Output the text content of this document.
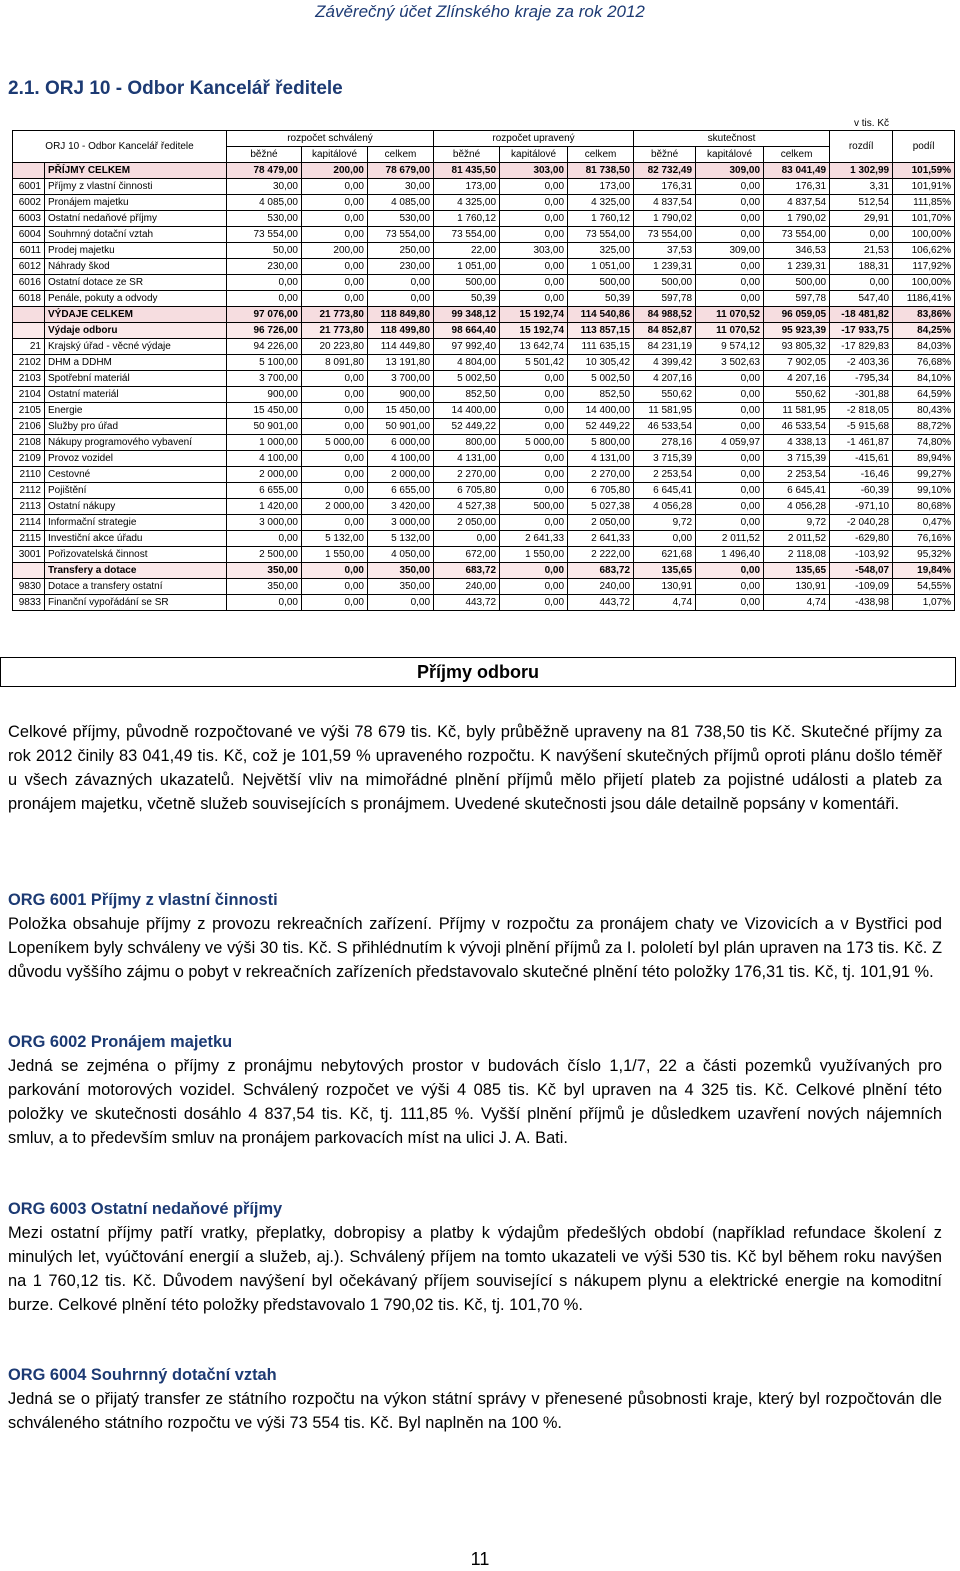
Závěrečný účet Zlínského kraje za rok 2012
2.1. ORJ 10 - Odbor Kancelář ředitele
v tis. Kč
ORJ 10 - Odbor Kancelář ředitele		rozpočet schválený			rozpočet upravený			skutečnost			rozdíl	podíl
		běžné	kapitálové	celkem	běžné	kapitálové	celkem	běžné	kapitálové	celkem		
	PŘÍJMY CELKEM	78 479,00	200,00	78 679,00	81 435,50	303,00	81 738,50	82 732,49	309,00	83 041,49	1 302,99	101,59%
6001	Příjmy z vlastní činnosti	30,00	0,00	30,00	173,00	0,00	173,00	176,31	0,00	176,31	3,31	101,91%
6002	Pronájem majetku	4 085,00	0,00	4 085,00	4 325,00	0,00	4 325,00	4 837,54	0,00	4 837,54	512,54	111,85%
6003	Ostatní nedaňové příjmy	530,00	0,00	530,00	1 760,12	0,00	1 760,12	1 790,02	0,00	1 790,02	29,91	101,70%
6004	Souhrnný dotační vztah	73 554,00	0,00	73 554,00	73 554,00	0,00	73 554,00	73 554,00	0,00	73 554,00	0,00	100,00%
6011	Prodej majetku	50,00	200,00	250,00	22,00	303,00	325,00	37,53	309,00	346,53	21,53	106,62%
6012	Náhrady škod	230,00	0,00	230,00	1 051,00	0,00	1 051,00	1 239,31	0,00	1 239,31	188,31	117,92%
6016	Ostatní dotace ze SR	0,00	0,00	0,00	500,00	0,00	500,00	500,00	0,00	500,00	0,00	100,00%
6018	Penále, pokuty a odvody	0,00	0,00	0,00	50,39	0,00	50,39	597,78	0,00	597,78	547,40	1186,41%
	VÝDAJE CELKEM	97 076,00	21 773,80	118 849,80	99 348,12	15 192,74	114 540,86	84 988,52	11 070,52	96 059,05	-18 481,82	83,86%
	Výdaje odboru	96 726,00	21 773,80	118 499,80	98 664,40	15 192,74	113 857,15	84 852,87	11 070,52	95 923,39	-17 933,75	84,25%
21	Krajský úřad - věcné výdaje	94 226,00	20 223,80	114 449,80	97 992,40	13 642,74	111 635,15	84 231,19	9 574,12	93 805,32	-17 829,83	84,03%
2102	DHM a DDHM	5 100,00	8 091,80	13 191,80	4 804,00	5 501,42	10 305,42	4 399,42	3 502,63	7 902,05	-2 403,36	76,68%
2103	Spotřební materiál	3 700,00	0,00	3 700,00	5 002,50	0,00	5 002,50	4 207,16	0,00	4 207,16	-795,34	84,10%
2104	Ostatní materiál	900,00	0,00	900,00	852,50	0,00	852,50	550,62	0,00	550,62	-301,88	64,59%
2105	Energie	15 450,00	0,00	15 450,00	14 400,00	0,00	14 400,00	11 581,95	0,00	11 581,95	-2 818,05	80,43%
2106	Služby pro úřad	50 901,00	0,00	50 901,00	52 449,22	0,00	52 449,22	46 533,54	0,00	46 533,54	-5 915,68	88,72%
2108	Nákupy programového vybavení	1 000,00	5 000,00	6 000,00	800,00	5 000,00	5 800,00	278,16	4 059,97	4 338,13	-1 461,87	74,80%
2109	Provoz vozidel	4 100,00	0,00	4 100,00	4 131,00	0,00	4 131,00	3 715,39	0,00	3 715,39	-415,61	89,94%
2110	Cestovné	2 000,00	0,00	2 000,00	2 270,00	0,00	2 270,00	2 253,54	0,00	2 253,54	-16,46	99,27%
2112	Pojištění	6 655,00	0,00	6 655,00	6 705,80	0,00	6 705,80	6 645,41	0,00	6 645,41	-60,39	99,10%
2113	Ostatní nákupy	1 420,00	2 000,00	3 420,00	4 527,38	500,00	5 027,38	4 056,28	0,00	4 056,28	-971,10	80,68%
2114	Informační strategie	3 000,00	0,00	3 000,00	2 050,00	0,00	2 050,00	9,72	0,00	9,72	-2 040,28	0,47%
2115	Investiční akce úřadu	0,00	5 132,00	5 132,00	0,00	2 641,33	2 641,33	0,00	2 011,52	2 011,52	-629,80	76,16%
3001	Pořizovatelská činnost	2 500,00	1 550,00	4 050,00	672,00	1 550,00	2 222,00	621,68	1 496,40	2 118,08	-103,92	95,32%
	Transfery a dotace	350,00	0,00	350,00	683,72	0,00	683,72	135,65	0,00	135,65	-548,07	19,84%
9830	Dotace a transfery ostatní	350,00	0,00	350,00	240,00	0,00	240,00	130,91	0,00	130,91	-109,09	54,55%
9833	Finanční vypořádání se SR	0,00	0,00	0,00	443,72	0,00	443,72	4,74	0,00	4,74	-438,98	1,07%
Příjmy odboru

Celkové příjmy, původně rozpočtované ve výši 78 679 tis. Kč, byly průběžně upraveny na 81 738,50 tis Kč. Skutečné příjmy za rok 2012 činily 83 041,49 tis. Kč, což je 101,59 % upraveného rozpočtu. K navýšení skutečných příjmů oproti plánu došlo téměř u všech závazných ukazatelů. Největší vliv na mimořádné plnění příjmů mělo přijetí plateb za pojistné události a plateb za pronájem majetku, včetně služeb souvisejících s pronájmem. Uvedené skutečnosti jsou dále detailně popsány v komentáři.

ORG 6001 Příjmy z vlastní činnosti

Položka obsahuje příjmy z provozu rekreačních zařízení. Příjmy v rozpočtu za pronájem chaty ve Vizovicích a v Bystřici pod Lopeníkem byly schváleny ve výši 30 tis. Kč. S přihlédnutím k vývoji plnění příjmů za I. pololetí byl plán upraven na 173 tis. Kč. Z důvodu vyššího zájmu o pobyt v rekreačních zařízeních představovalo skutečné plnění této položky 176,31 tis. Kč, tj. 101,91 %.

ORG 6002 Pronájem majetku

Jedná se zejména o příjmy z pronájmu nebytových prostor v budovách číslo 1,1/7, 22 a části pozemků využívaných pro parkování motorových vozidel. Schválený rozpočet ve výši 4 085 tis. Kč byl upraven na 4 325 tis. Kč. Celkové plnění této položky ve skutečnosti dosáhlo 4 837,54 tis. Kč, tj. 111,85 %. Vyšší plnění příjmů je důsledkem uzavření nových nájemních smluv, a to především smluv na pronájem parkovacích míst na ulici J. A. Bati.

ORG 6003 Ostatní nedaňové příjmy

Mezi ostatní příjmy patří vratky, přeplatky, dobropisy a platby k výdajům předešlých období (například refundace školení z minulých let, vyúčtování energií a služeb, aj.). Schválený příjem na tomto ukazateli ve výši 530 tis. Kč byl během roku navýšen na 1 760,12 tis. Kč. Důvodem navýšení byl očekávaný příjem související s nákupem plynu a elektrické energie na komoditní burze. Celkové plnění této položky představovalo 1 790,02 tis. Kč, tj. 101,70 %.

ORG 6004 Souhrnný dotační vztah

Jedná se o přijatý transfer ze státního rozpočtu na výkon státní správy v přenesené působnosti kraje, který byl rozpočtován dle schváleného státního rozpočtu ve výši 73 554 tis. Kč. Byl naplněn na 100 %.

11
